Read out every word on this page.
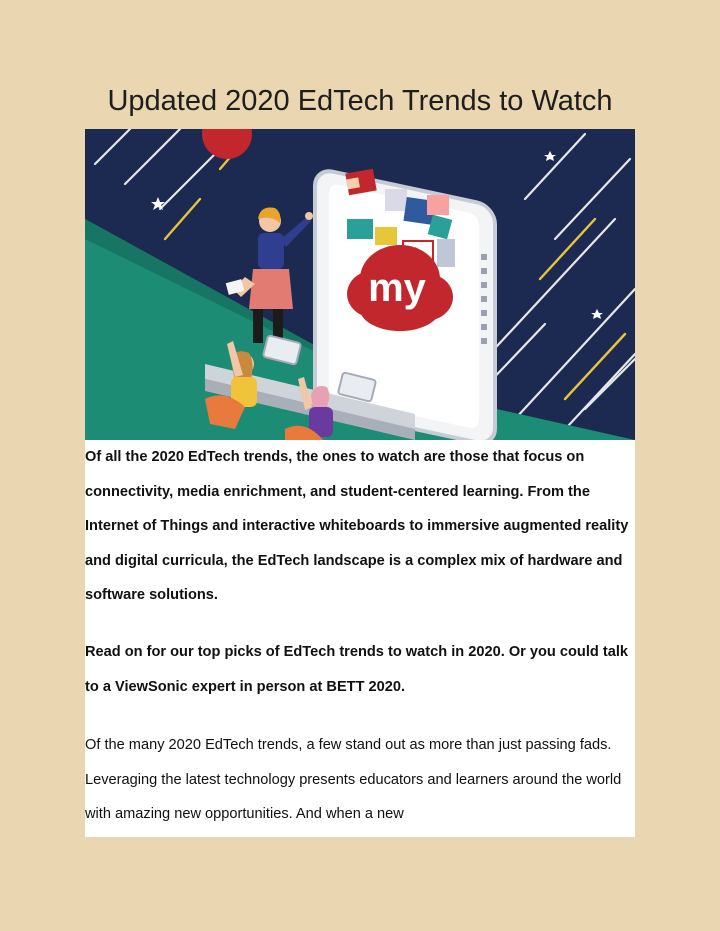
Updated 2020 EdTech Trends to Watch
my

Of all the 2020 EdTech trends, the ones to watch are those that focus on connectivity, media enrichment, and student-centered learning. From the Internet of Things and interactive whiteboards to immersive augmented reality and digital curricula, the EdTech landscape is a complex mix of hardware and software solutions.

Read on for our top picks of EdTech trends to watch in 2020. Or you could talk to a ViewSonic expert in person at BETT 2020.

Of the many 2020 EdTech trends, a few stand out as more than just passing fads. Leveraging the latest technology presents educators and learners around the world with amazing new opportunities. And when a new
